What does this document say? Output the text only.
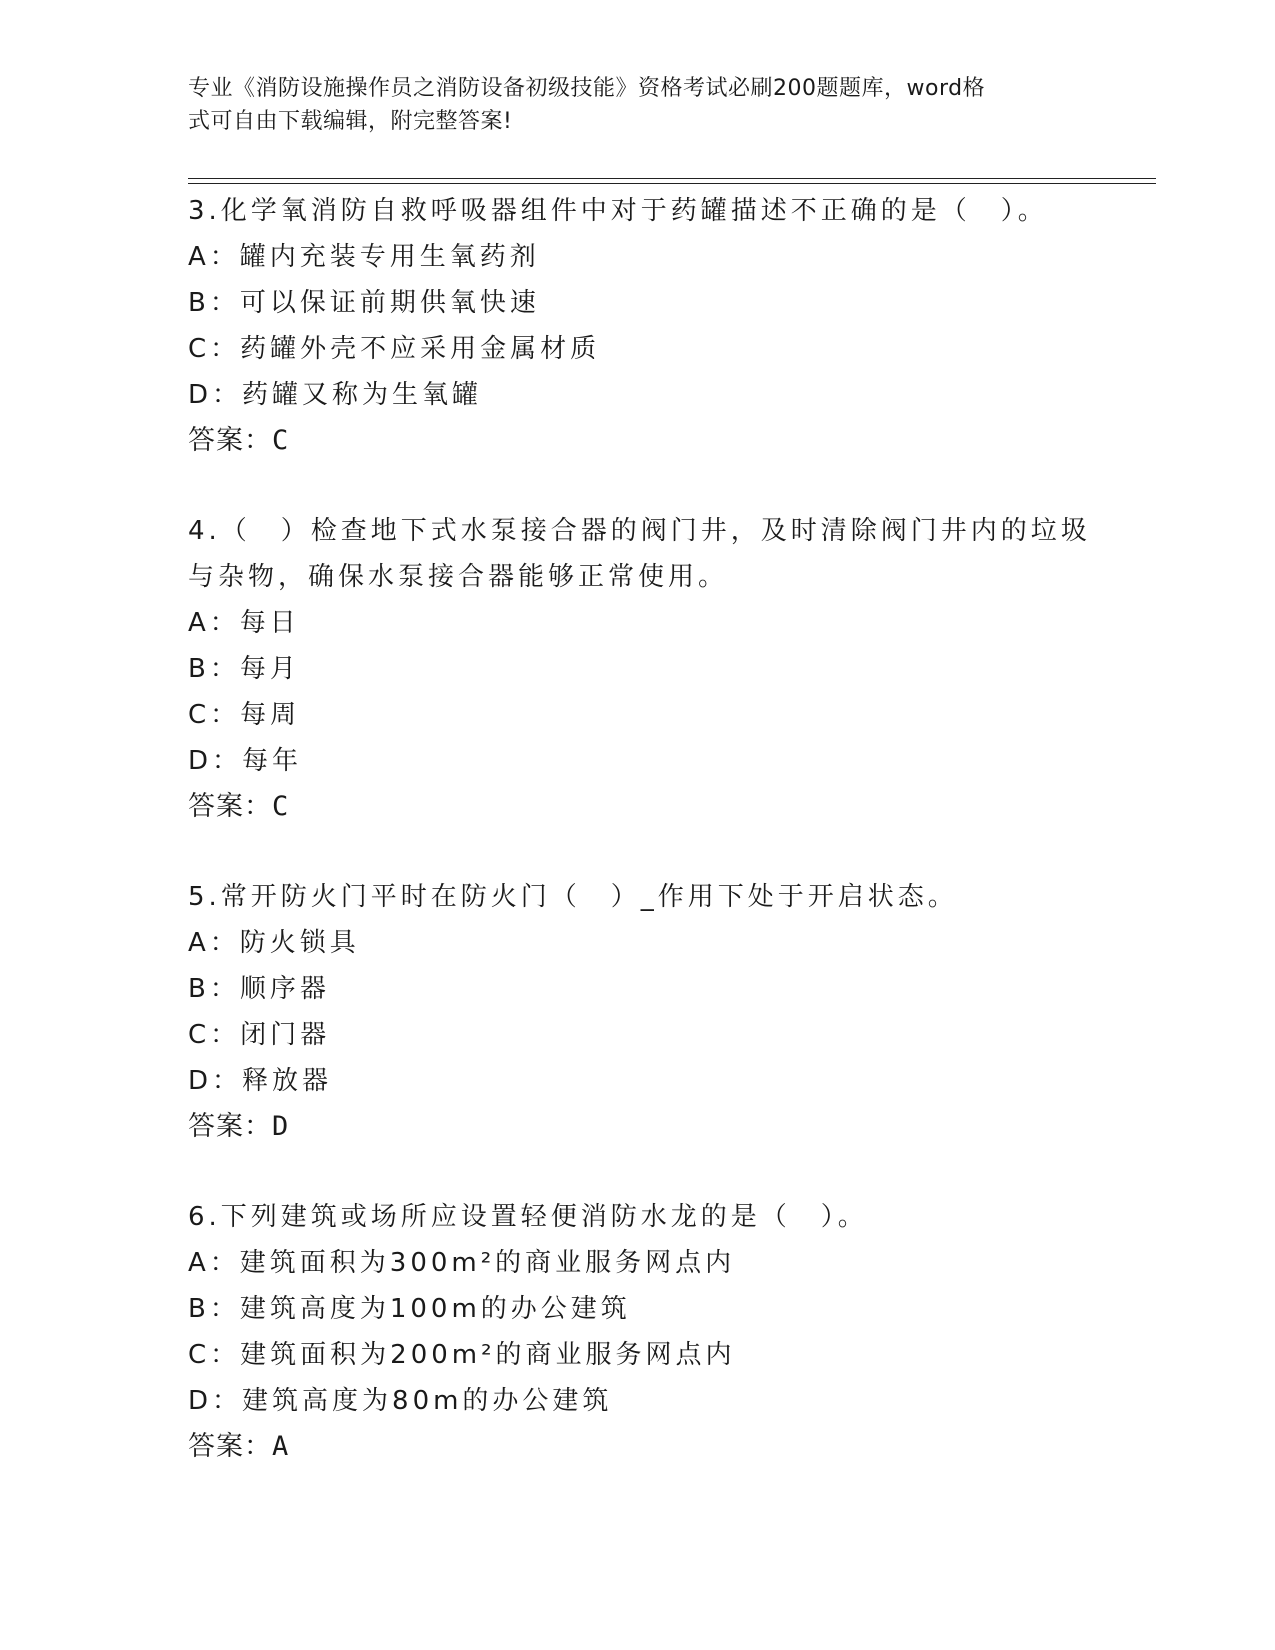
专业《消防设施操作员之消防设备初级技能》资格考试必刷200题题库，word格
式可自由下载编辑，附完整答案!
3.化学氧消防自救呼吸器组件中对于药罐描述不正确的是（　）。
A：罐内充装专用生氧药剂
B：可以保证前期供氧快速
C：药罐外壳不应采用金属材质
D：药罐又称为生氧罐
答案：C
4.（　）检查地下式水泵接合器的阀门井，及时清除阀门井内的垃圾
与杂物，确保水泵接合器能够正常使用。
A：每日
B：每月
C：每周
D：每年
答案：C
5.常开防火门平时在防火门（　）_作用下处于开启状态。
A：防火锁具
B：顺序器
C：闭门器
D：释放器
答案：D
6.下列建筑或场所应设置轻便消防水龙的是（　）。
A：建筑面积为300m²的商业服务网点内
B：建筑高度为100m的办公建筑
C：建筑面积为200m²的商业服务网点内
D：建筑高度为80m的办公建筑
答案：A
